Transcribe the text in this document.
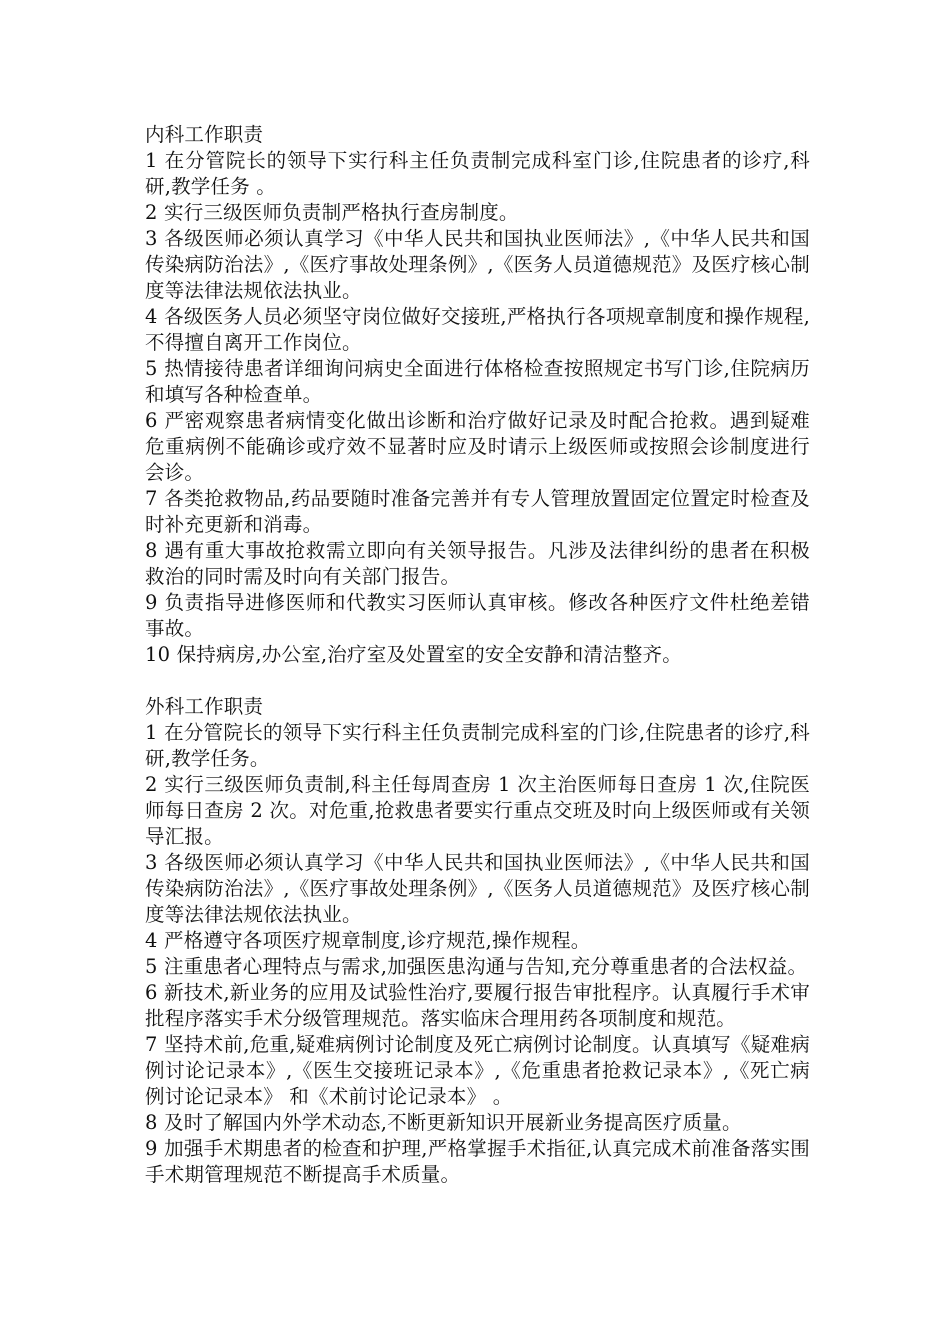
内科工作职责

1 在分管院长的领导下实行科主任负责制完成科室门诊,住院患者的诊疗,科研,教学任务 。

2 实行三级医师负责制严格执行查房制度。

3 各级医师必须认真学习《中华人民共和国执业医师法》,《中华人民共和国传染病防治法》,《医疗事故处理条例》,《医务人员道德规范》及医疗核心制度等法律法规依法执业。

4 各级医务人员必须坚守岗位做好交接班,严格执行各项规章制度和操作规程,不得擅自离开工作岗位。

5 热情接待患者详细询问病史全面进行体格检查按照规定书写门诊,住院病历和填写各种检查单。

6 严密观察患者病情变化做出诊断和治疗做好记录及时配合抢救。遇到疑难危重病例不能确诊或疗效不显著时应及时请示上级医师或按照会诊制度进行会诊。

7 各类抢救物品,药品要随时准备完善并有专人管理放置固定位置定时检查及时补充更新和消毒。

8 遇有重大事故抢救需立即向有关领导报告。凡涉及法律纠纷的患者在积极救治的同时需及时向有关部门报告。

9 负责指导进修医师和代教实习医师认真审核。修改各种医疗文件杜绝差错事故。

10 保持病房,办公室,治疗室及处置室的安全安静和清洁整齐。

外科工作职责

1 在分管院长的领导下实行科主任负责制完成科室的门诊,住院患者的诊疗,科研,教学任务。

2 实行三级医师负责制,科主任每周查房 1 次主治医师每日查房 1 次,住院医师每日查房 2 次。对危重,抢救患者要实行重点交班及时向上级医师或有关领导汇报。

3 各级医师必须认真学习《中华人民共和国执业医师法》,《中华人民共和国传染病防治法》,《医疗事故处理条例》,《医务人员道德规范》及医疗核心制度等法律法规依法执业。

4 严格遵守各项医疗规章制度,诊疗规范,操作规程。

5 注重患者心理特点与需求,加强医患沟通与告知,充分尊重患者的合法权益。

6 新技术,新业务的应用及试验性治疗,要履行报告审批程序。认真履行手术审批程序落实手术分级管理规范。落实临床合理用药各项制度和规范。

7 坚持术前,危重,疑难病例讨论制度及死亡病例讨论制度。认真填写《疑难病例讨论记录本》,《医生交接班记录本》,《危重患者抢救记录本》,《死亡病例讨论记录本》 和《术前讨论记录本》 。

8 及时了解国内外学术动态,不断更新知识开展新业务提高医疗质量。

9 加强手术期患者的检查和护理,严格掌握手术指征,认真完成术前准备落实围手术期管理规范不断提高手术质量。
